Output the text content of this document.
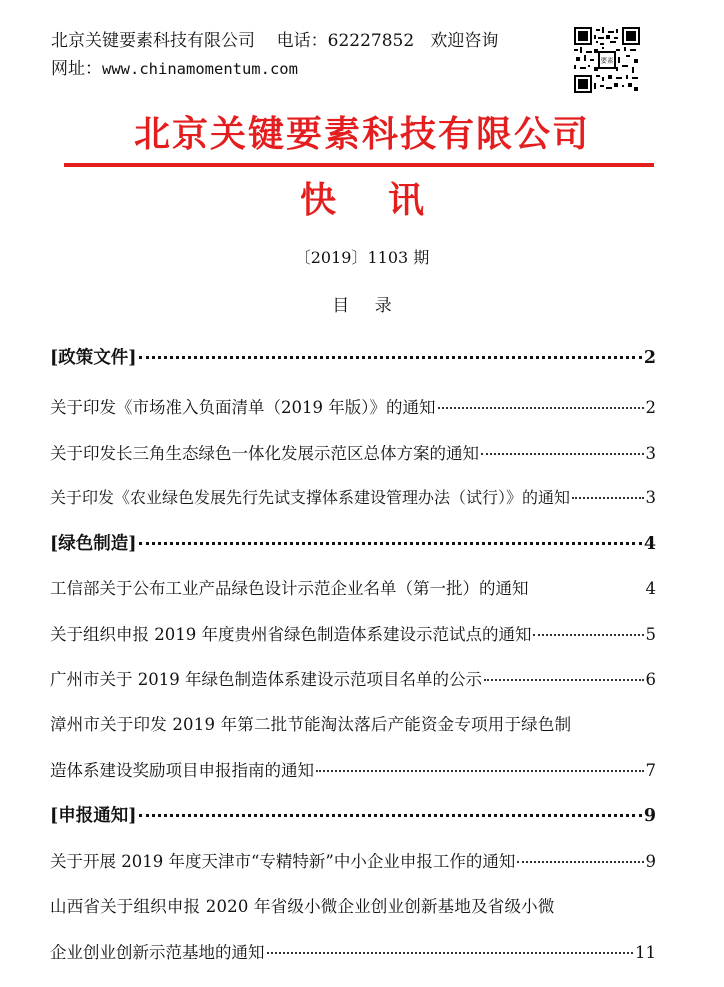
北京关键要素科技有限公司 电话：62227852 欢迎咨询
网址：www.chinamomentum.com	要素
北京关键要素科技有限公司
快 讯
〔2019〕1103 期
目 录
[政策文件]	2
关于印发《市场准入负面清单（2019 年版）》的通知	2
关于印发长三角生态绿色一体化发展示范区总体方案的通知	3
关于印发《农业绿色发展先行先试支撑体系建设管理办法（试行）》的通知	3
[绿色制造]	4
工信部关于公布工业产品绿色设计示范企业名单（第一批）的通知	4
关于组织申报 2019 年度贵州省绿色制造体系建设示范试点的通知	5
广州市关于 2019 年绿色制造体系建设示范项目名单的公示	6
漳州市关于印发 2019 年第二批节能淘汰落后产能资金专项用于绿色制
造体系建设奖励项目申报指南的通知	7
[申报通知]	9
关于开展 2019 年度天津市“专精特新”中小企业申报工作的通知	9
山西省关于组织申报 2020 年省级小微企业创业创新基地及省级小微
企业创业创新示范基地的通知	11
